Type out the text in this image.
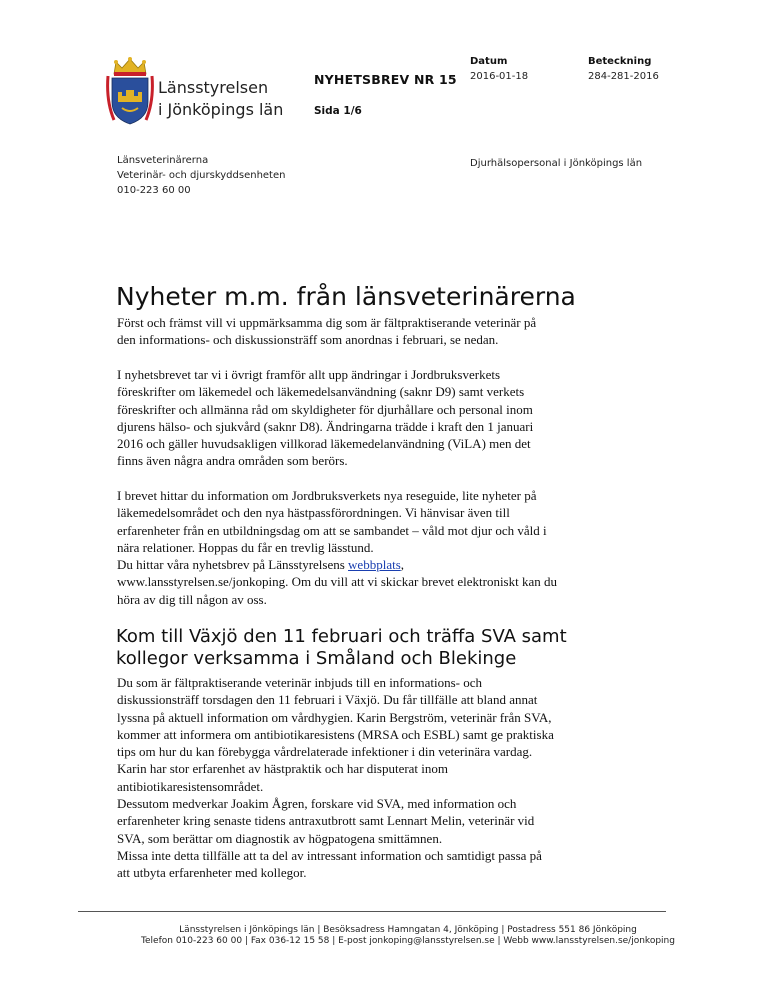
Länsstyrelsen
i Jönköpings län
NYHETSBREV NR 15
Sida 1/6
Datum
2016-01-18
Beteckning
284-281-2016
Länsveterinärerna
Veterinär- och djurskyddsenheten
010-223 60 00
Djurhälsopersonal i Jönköpings län
Nyheter m.m. från länsveterinärerna

Först och främst vill vi uppmärksamma dig som är fältpraktiserande veterinär på den informations- och diskussionsträff som anordnas i februari, se nedan.

I nyhetsbrevet tar vi i övrigt framför allt upp ändringar i Jordbruksverkets föreskrifter om läkemedel och läkemedelsanvändning (saknr D9) samt verkets föreskrifter och allmänna råd om skyldigheter för djurhållare och personal inom djurens hälso- och sjukvård (saknr D8). Ändringarna trädde i kraft den 1 januari 2016 och gäller huvudsakligen villkorad läkemedelanvändning (ViLA) men det finns även några andra områden som berörs.

I brevet hittar du information om Jordbruksverkets nya reseguide, lite nyheter på läkemedelsområdet och den nya hästpassförordningen. Vi hänvisar även till erfarenheter från en utbildningsdag om att se sambandet – våld mot djur och våld i nära relationer. Hoppas du får en trevlig lässtund.

Du hittar våra nyhetsbrev på Länsstyrelsens webbplats, www.lansstyrelsen.se/jonkoping. Om du vill att vi skickar brevet elektroniskt kan du höra av dig till någon av oss.

Kom till Växjö den 11 februari och träffa SVA samt kollegor verksamma i Småland och Blekinge

Du som är fältpraktiserande veterinär inbjuds till en informations- och diskussionsträff torsdagen den 11 februari i Växjö. Du får tillfälle att bland annat lyssna på aktuell information om vårdhygien. Karin Bergström, veterinär från SVA, kommer att informera om antibiotikaresistens (MRSA och ESBL) samt ge praktiska tips om hur du kan förebygga vårdrelaterade infektioner i din veterinära vardag. Karin har stor erfarenhet av hästpraktik och har disputerat inom antibiotikaresistensområdet.

Dessutom medverkar Joakim Ågren, forskare vid SVA, med information och erfarenheter kring senaste tidens antraxutbrott samt Lennart Melin, veterinär vid SVA, som berättar om diagnostik av högpatogena smittämnen.

Missa inte detta tillfälle att ta del av intressant information och samtidigt passa på att utbyta erfarenheter med kollegor.

Länsstyrelsen i Jönköpings län | Besöksadress Hamngatan 4, Jönköping | Postadress 551 86 Jönköping
Telefon 010-223 60 00 | Fax 036-12 15 58 | E-post jonkoping@lansstyrelsen.se | Webb www.lansstyrelsen.se/jonkoping
